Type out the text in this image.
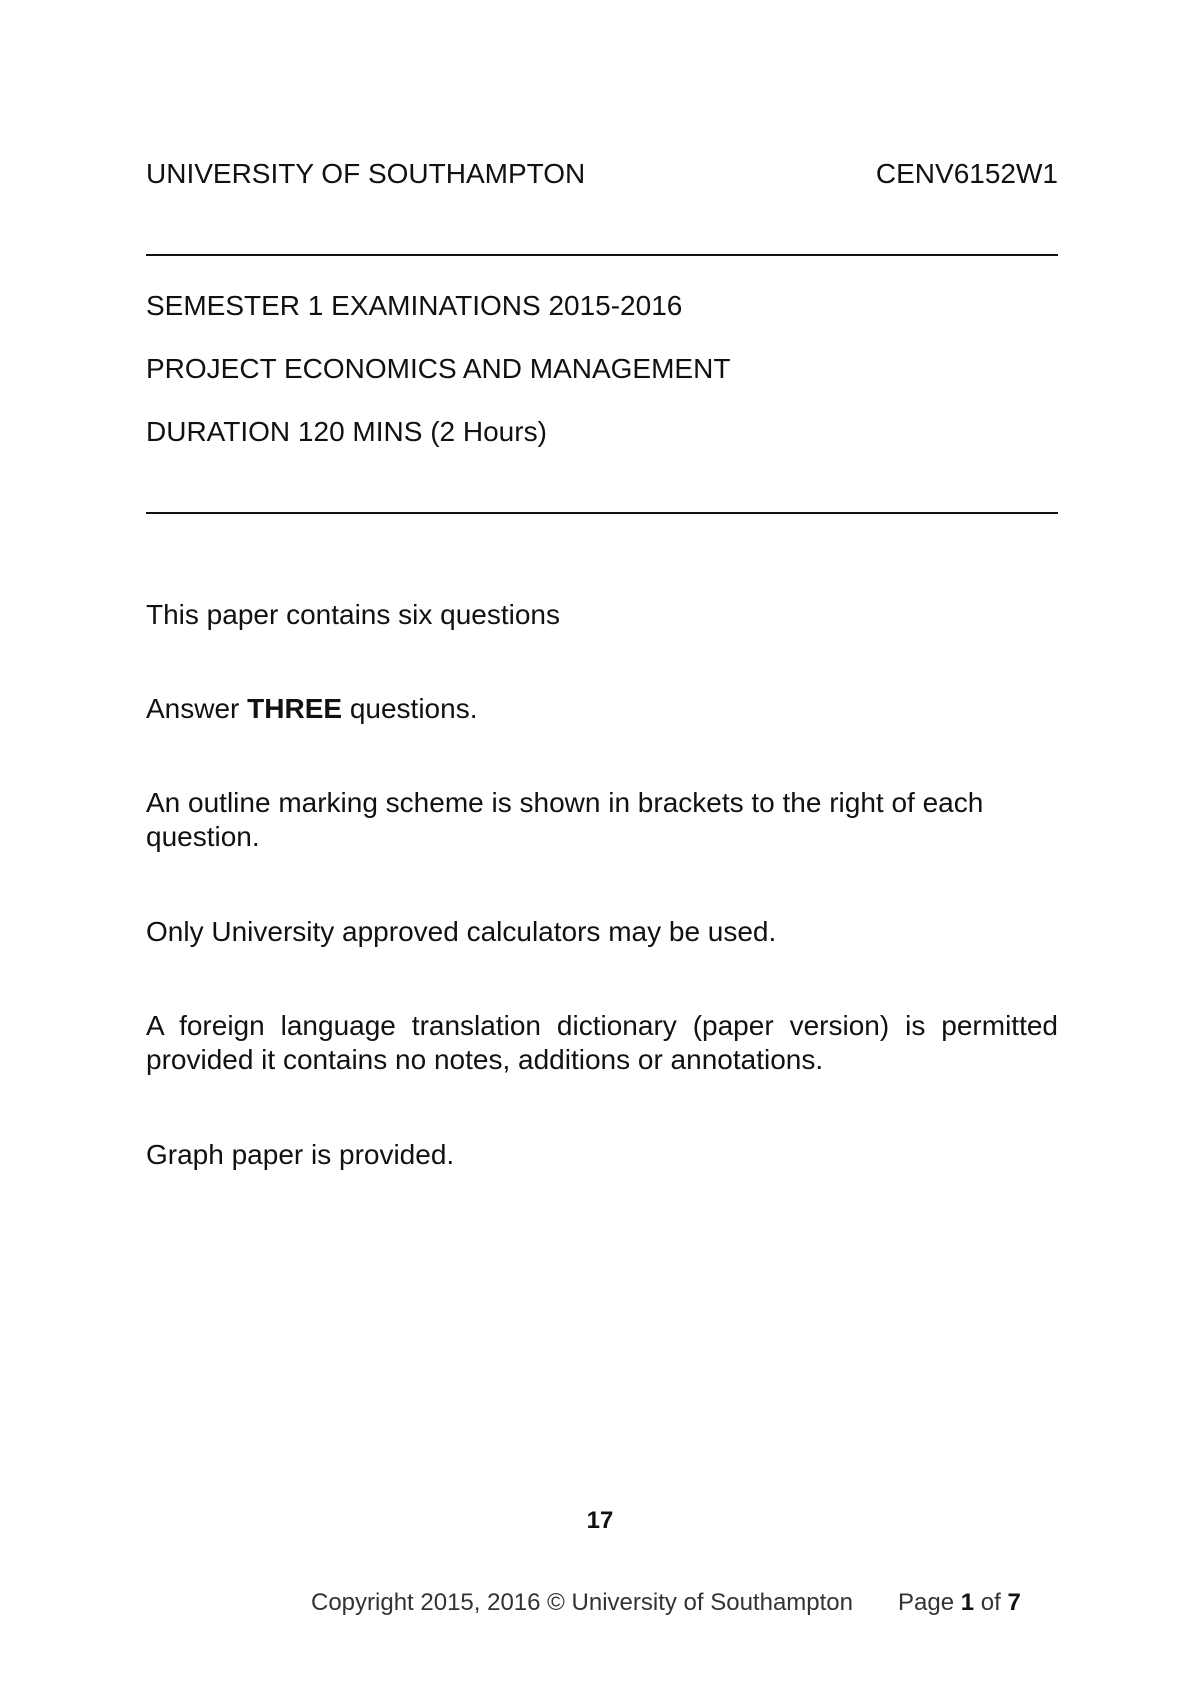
UNIVERSITY OF SOUTHAMPTON	CENV6152W1
SEMESTER 1 EXAMINATIONS 2015-2016
PROJECT ECONOMICS AND MANAGEMENT
DURATION 120 MINS (2 Hours)
This paper contains six questions
Answer THREE questions.
An outline marking scheme is shown in brackets to the right of each question.
Only University approved calculators may be used.
A foreign language translation dictionary (paper version) is permitted provided it contains no notes, additions or annotations.
Graph paper is provided.
17
Copyright 2015, 2016 © University of Southampton Page 1 of 7
